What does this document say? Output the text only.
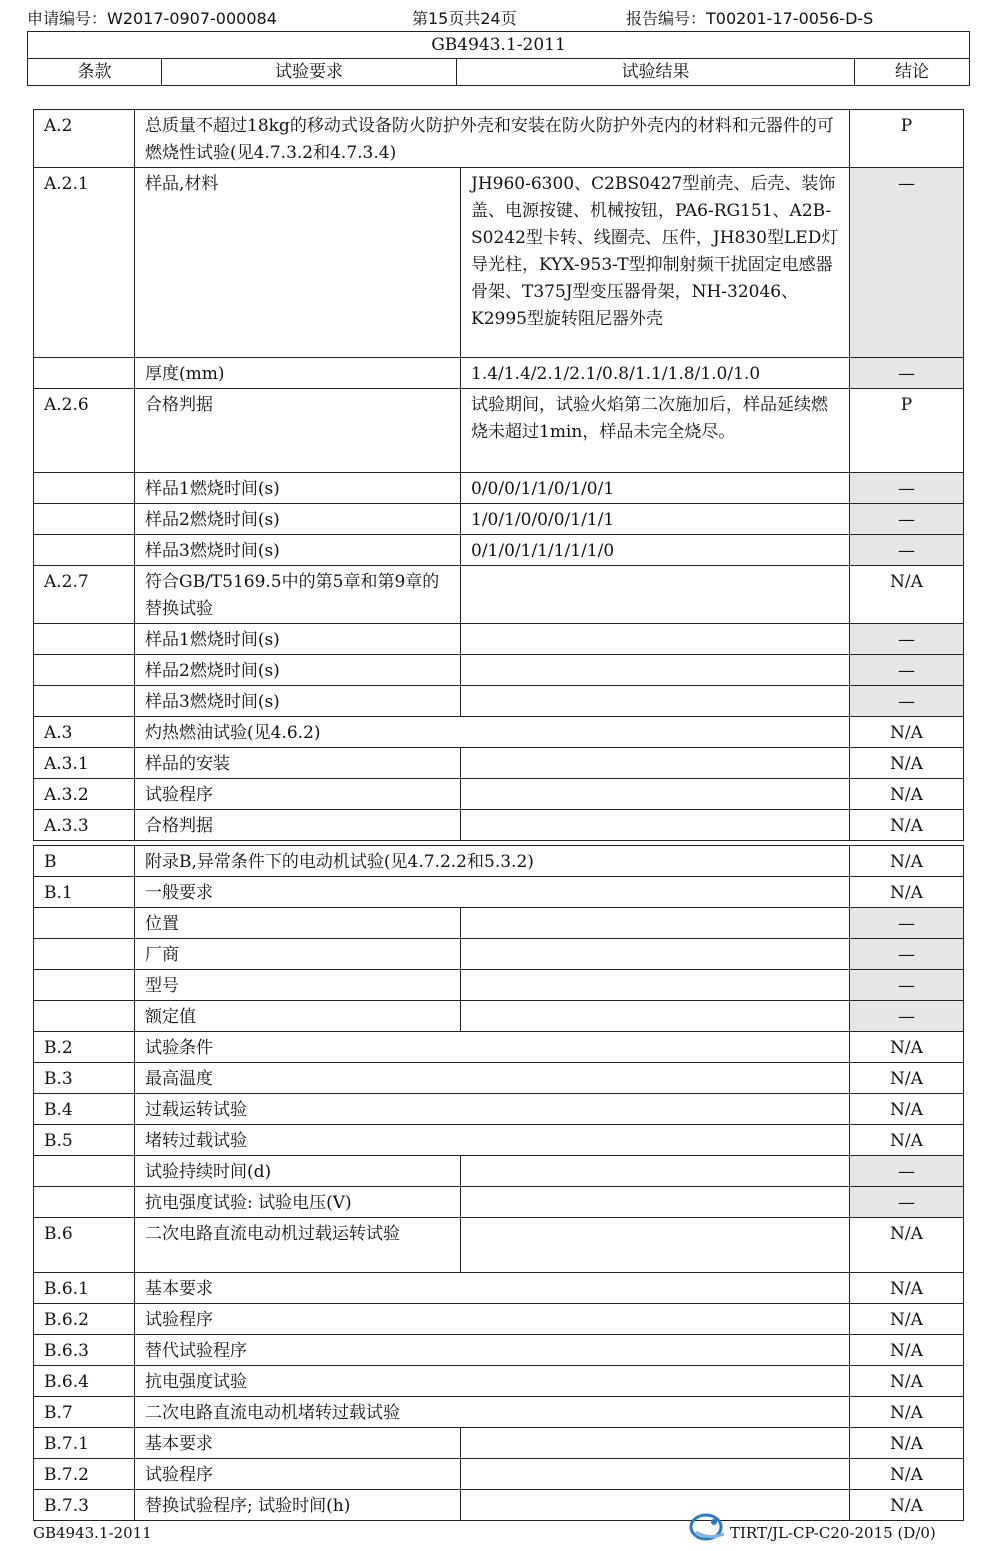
申请编号：W2017-0907-000084	第15页共24页	报告编号：T00201-17-0056-D-S
GB4943.1-2011
条款	试验要求	试验结果	结论
A.2	总质量不超过18kg的移动式设备防火防护外壳和安装在防火防护外壳内的材料和元器件的可燃烧性试验(见4.7.3.2和4.7.3.4)		P
A.2.1	样品,材料	JH960-6300、C2BS0427型前壳、后壳、装饰盖、电源按键、机械按钮，PA6-RG151、A2B-S0242型卡转、线圈壳、压件，JH830型LED灯导光柱，KYX-953-T型抑制射频干扰固定电感器骨架、T375J型变压器骨架，NH-32046、K2995型旋转阻尼器外壳	—
	厚度(mm)	1.4/1.4/2.1/2.1/0.8/1.1/1.8/1.0/1.0	—
A.2.6	合格判据	试验期间，试验火焰第二次施加后，样品延续燃烧未超过1min，样品未完全烧尽。	P
	样品1燃烧时间(s)	0/0/0/1/1/0/1/0/1	—
	样品2燃烧时间(s)	1/0/1/0/0/0/1/1/1	—
	样品3燃烧时间(s)	0/1/0/1/1/1/1/1/0	—
A.2.7	符合GB/T5169.5中的第5章和第9章的替换试验		N/A
	样品1燃烧时间(s)		—
	样品2燃烧时间(s)		—
	样品3燃烧时间(s)		—
A.3	灼热燃油试验(见4.6.2)		N/A
A.3.1	样品的安装		N/A
A.3.2	试验程序		N/A
A.3.3	合格判据		N/A
B	附录B,异常条件下的电动机试验(见4.7.2.2和5.3.2)		N/A
B.1	一般要求		N/A
	位置		—
	厂商		—
	型号		—
	额定值		—
B.2	试验条件		N/A
B.3	最高温度		N/A
B.4	过载运转试验		N/A
B.5	堵转过载试验		N/A
	试验持续时间(d)		—
	抗电强度试验: 试验电压(V)		—
B.6	二次电路直流电动机过载运转试验		N/A
B.6.1	基本要求		N/A
B.6.2	试验程序		N/A
B.6.3	替代试验程序		N/A
B.6.4	抗电强度试验		N/A
B.7	二次电路直流电动机堵转过载试验		N/A
B.7.1	基本要求		N/A
B.7.2	试验程序		N/A
B.7.3	替换试验程序; 试验时间(h)		N/A
GB4943.1-2011	TIRT/JL-CP-C20-2015 (D/0)
